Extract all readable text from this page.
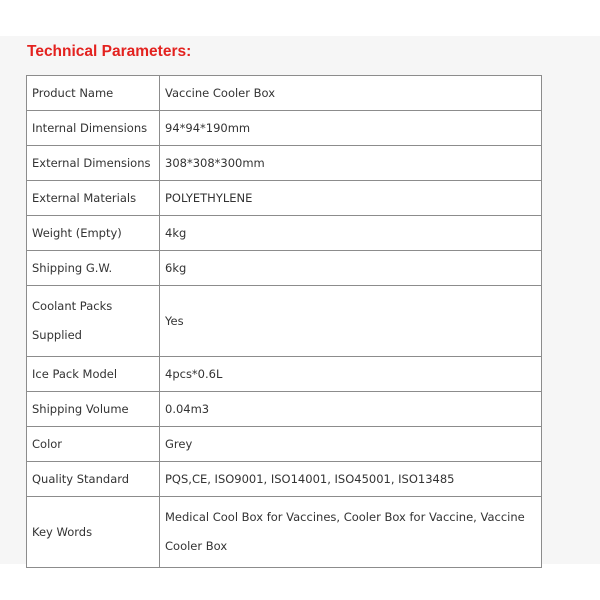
Technical Parameters:
Product Name	Vaccine Cooler Box
Internal Dimensions	94*94*190mm
External Dimensions	308*308*300mm
External Materials	POLYETHYLENE
Weight (Empty)	4kg
Shipping G.W.	6kg
Coolant Packs Supplied	Yes
Ice Pack Model	4pcs*0.6L
Shipping Volume	0.04m3
Color	Grey
Quality Standard	PQS,CE, ISO9001, ISO14001, ISO45001, ISO13485
Key Words	Medical Cool Box for Vaccines, Cooler Box for Vaccine, Vaccine Cooler Box
